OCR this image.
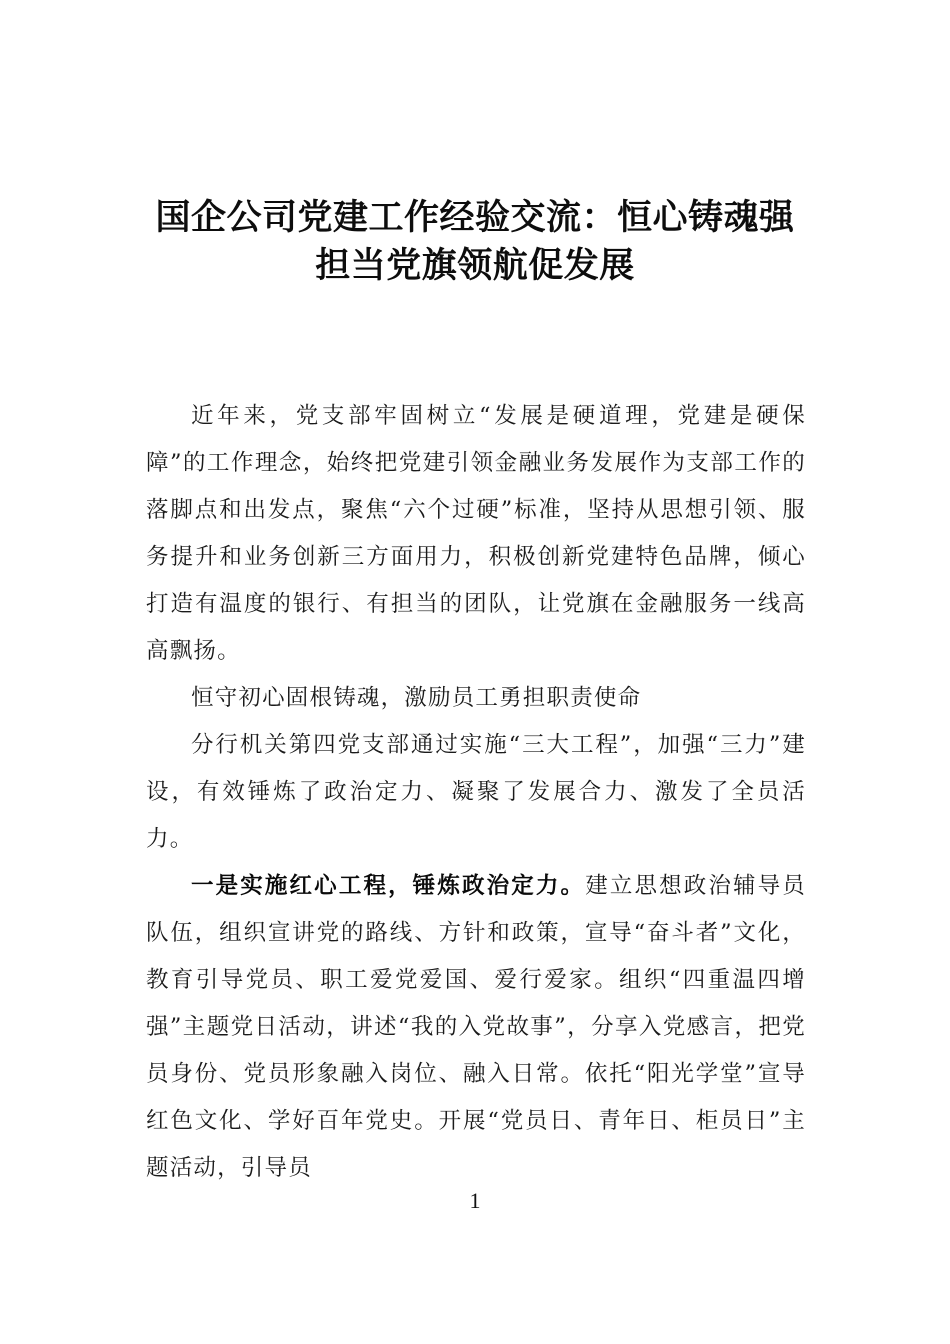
国企公司党建工作经验交流：恒心铸魂强
担当党旗领航促发展

近年来，党支部牢固树立“发展是硬道理，党建是硬保障”的工作理念，始终把党建引领金融业务发展作为支部工作的落脚点和出发点，聚焦“六个过硬”标准，坚持从思想引领、服务提升和业务创新三方面用力，积极创新党建特色品牌，倾心打造有温度的银行、有担当的团队，让党旗在金融服务一线高高飘扬。

恒守初心固根铸魂，激励员工勇担职责使命

分行机关第四党支部通过实施“三大工程”，加强“三力”建设，有效锤炼了政治定力、凝聚了发展合力、激发了全员活力。

一是实施红心工程，锤炼政治定力。建立思想政治辅导员队伍，组织宣讲党的路线、方针和政策，宣导“奋斗者”文化，教育引导党员、职工爱党爱国、爱行爱家。组织“四重温四增强”主题党日活动，讲述“我的入党故事”，分享入党感言，把党员身份、党员形象融入岗位、融入日常。依托“阳光学堂”宣导红色文化、学好百年党史。开展“党员日、青年日、柜员日”主题活动，引导员

1
